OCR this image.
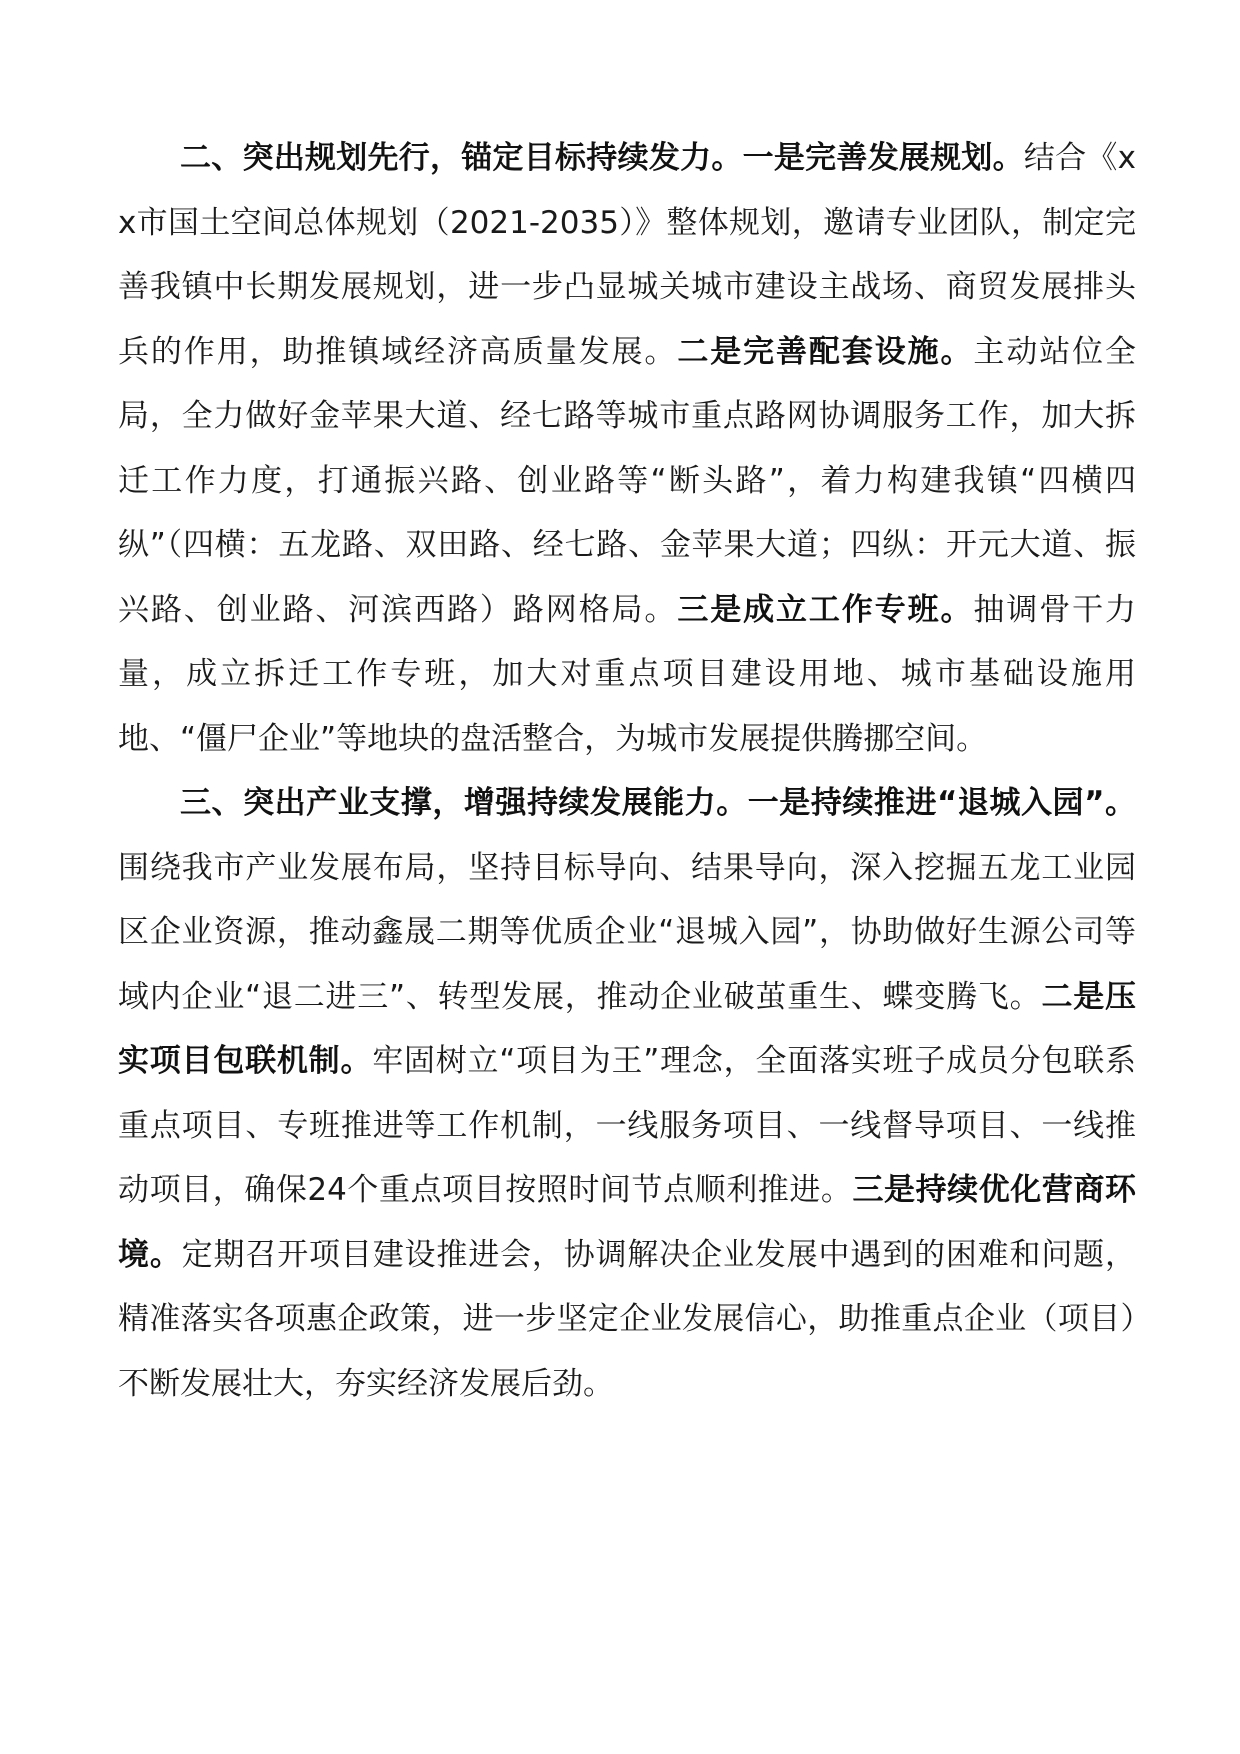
二、突出规划先行，锚定目标持续发力。一是完善发展规划。结合《xx市国土空间总体规划（2021-2035）》整体规划，邀请专业团队，制定完善我镇中长期发展规划，进一步凸显城关城市建设主战场、商贸发展排头兵的作用，助推镇域经济高质量发展。二是完善配套设施。主动站位全局，全力做好金苹果大道、经七路等城市重点路网协调服务工作，加大拆迁工作力度，打通振兴路、创业路等“断头路”，着力构建我镇“四横四纵”（四横：五龙路、双田路、经七路、金苹果大道；四纵：开元大道、振兴路、创业路、河滨西路）路网格局。三是成立工作专班。抽调骨干力量，成立拆迁工作专班，加大对重点项目建设用地、城市基础设施用地、“僵尸企业”等地块的盘活整合，为城市发展提供腾挪空间。

三、突出产业支撑，增强持续发展能力。一是持续推进“退城入园”。围绕我市产业发展布局，坚持目标导向、结果导向，深入挖掘五龙工业园区企业资源，推动鑫晟二期等优质企业“退城入园”，协助做好生源公司等域内企业“退二进三”、转型发展，推动企业破茧重生、蝶变腾飞。二是压实项目包联机制。牢固树立“项目为王”理念，全面落实班子成员分包联系重点项目、专班推进等工作机制，一线服务项目、一线督导项目、一线推动项目，确保24个重点项目按照时间节点顺利推进。三是持续优化营商环境。定期召开项目建设推进会，协调解决企业发展中遇到的困难和问题，精准落实各项惠企政策，进一步坚定企业发展信心，助推重点企业（项目）不断发展壮大，夯实经济发展后劲。
